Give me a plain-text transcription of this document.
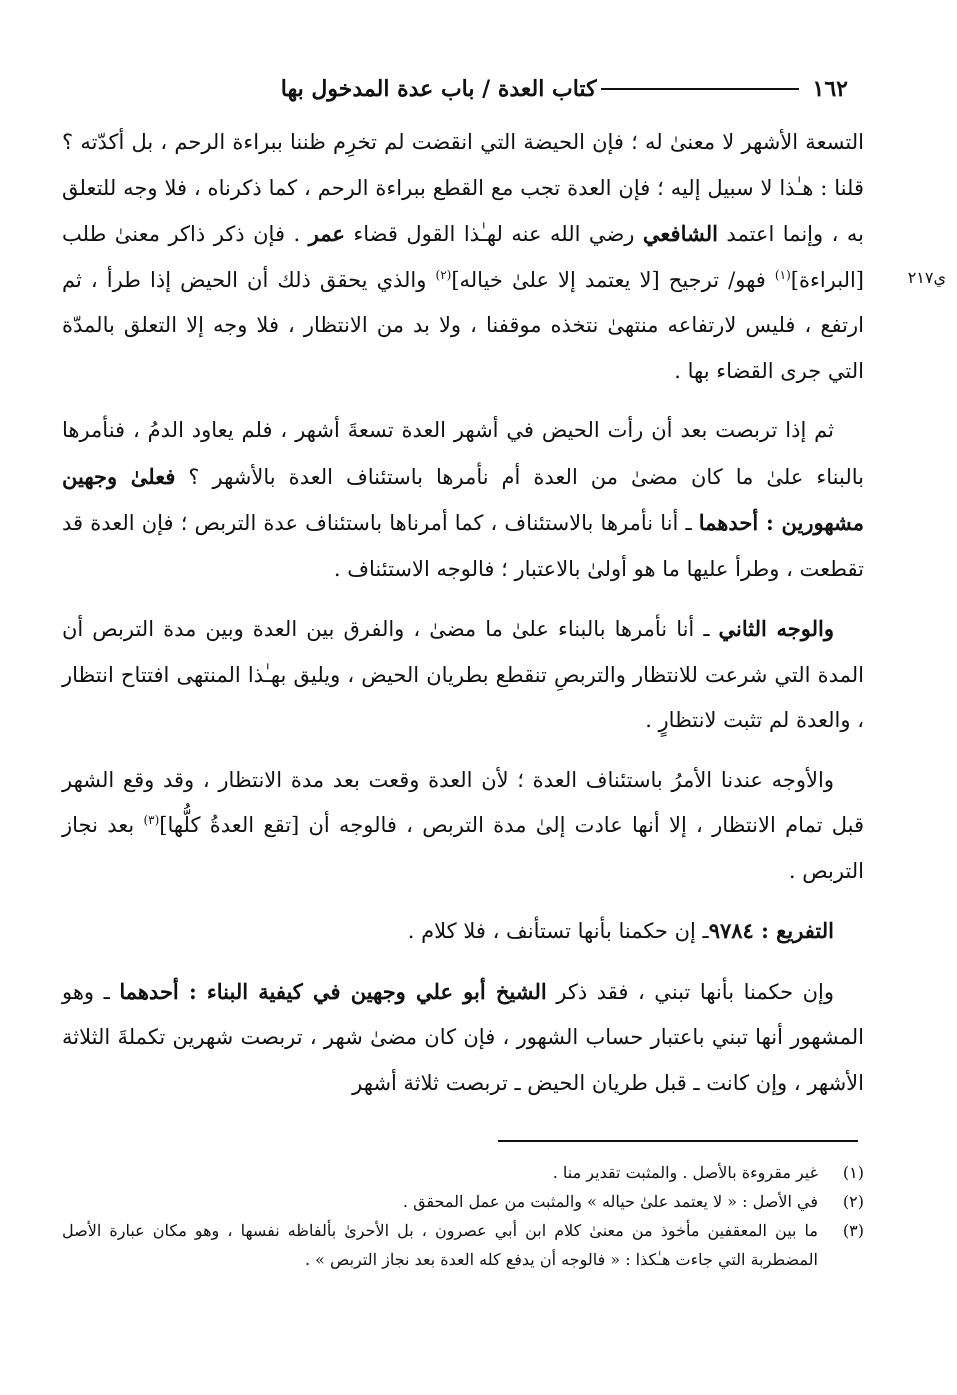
١٦٢
كتاب العدة / باب عدة المدخول بها
ي٢١٧

التسعة الأشهر لا معنىٰ له ؛ فإن الحيضة التي انقضت لم تخرِم ظننا ببراءة الرحم ، بل أكدّته ؟ قلنا : هـٰذا لا سبيل إليه ؛ فإن العدة تجب مع القطع ببراءة الرحم ، كما ذكرناه ، فلا وجه للتعلق به ، وإنما اعتمد الشافعي رضي الله عنه لهـٰذا القول قضاء عمر . فإن ذكر ذاكر معنىٰ طلب [البراءة]$^{(١)}$ فهو/ ترجيح [لا يعتمد إلا علىٰ خياله]$^{(٢)}$ والذي يحقق ذلك أن الحيض إذا طرأ ، ثم ارتفع ، فليس لارتفاعه منتهىٰ نتخذه موقفنا ، ولا بد من الانتظار ، فلا وجه إلا التعلق بالمدّة التي جرى القضاء بها .

ثم إذا تربصت بعد أن رأت الحيض في أشهر العدة تسعةَ أشهر ، فلم يعاود الدمُ ، فنأمرها بالبناء علىٰ ما كان مضىٰ من العدة أم نأمرها باستئناف العدة بالأشهر ؟ فعلىٰ وجهين مشهورين : أحدهما ـ أنا نأمرها بالاستئناف ، كما أمرناها باستئناف عدة التربص ؛ فإن العدة قد تقطعت ، وطرأ عليها ما هو أولىٰ بالاعتبار ؛ فالوجه الاستئناف .

والوجه الثاني ـ أنا نأمرها بالبناء علىٰ ما مضىٰ ، والفرق بين العدة وبين مدة التربص أن المدة التي شرعت للانتظار والتربصِ تنقطع بطريان الحيض ، ويليق بهـٰذا المنتهى افتتاح انتظار ، والعدة لم تثبت لانتظارٍ .

والأوجه عندنا الأمرُ باستئناف العدة ؛ لأن العدة وقعت بعد مدة الانتظار ، وقد وقع الشهر قبل تمام الانتظار ، إلا أنها عادت إلىٰ مدة التربص ، فالوجه أن [تقع العدةُ كلُّها]$^{(٣)}$ بعد نجاز التربص .

التفريع : ٩٧٨٤ـ إن حكمنا بأنها تستأنف ، فلا كلام .

وإن حكمنا بأنها تبني ، فقد ذكر الشيخ أبو علي وجهين في كيفية البناء : أحدهما ـ وهو المشهور أنها تبني باعتبار حساب الشهور ، فإن كان مضىٰ شهر ، تربصت شهرين تكملةَ الثلاثة الأشهر ، وإن كانت ـ قبل طريان الحيض ـ تربصت ثلاثة أشهر

(١)
غير مقروءة بالأصل . والمثبت تقدير منا .
(٢)
في الأصل : « لا يعتمد علىٰ حياله » والمثبت من عمل المحقق .
(٣)
ما بين المعقفين مأخوذ من معنىٰ كلام ابن أبي عصرون ، بل الأحرىٰ بألفاظه نفسها ، وهو مكان عبارة الأصل المضطربة التي جاءت هـٰكذا : « فالوجه أن يدفع كله العدة بعد نجاز التربص » .
